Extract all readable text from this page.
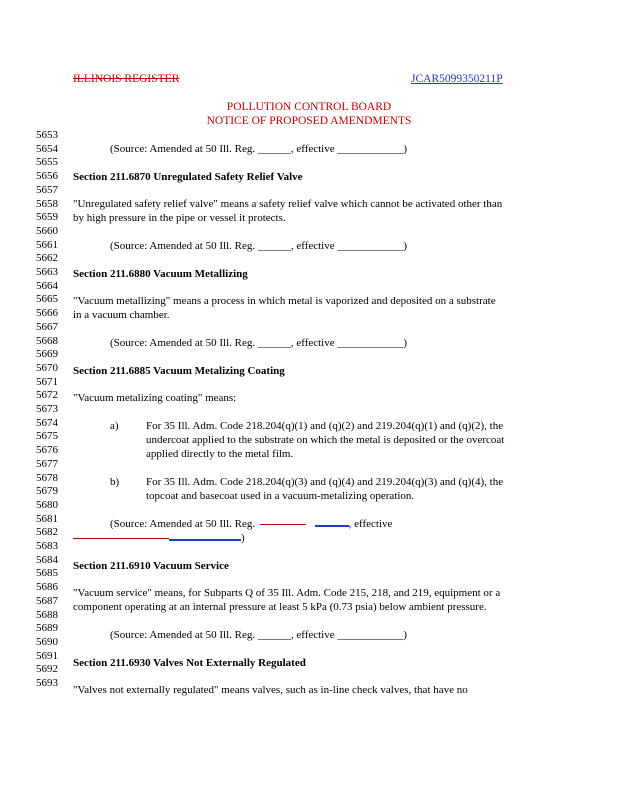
ILLINOIS REGISTER	JCAR5099350211P
POLLUTION CONTROL BOARD
NOTICE OF PROPOSED AMENDMENTS
5653
5654
5655
5656
5657
5658
5659
5660
5661
5662
5663
5664
5665
5666
5667
5668
5669
5670
5671
5672
5673
5674
5675
5676
5677
5678
5679
5680
5681
5682
5683
5684
5685
5686
5687
5688
5689
5690
5691
5692
5693
(Source: Amended at 50 Ill. Reg. ______, effective ____________)
Section 211.6870 Unregulated Safety Relief Valve
"Unregulated safety relief valve" means a safety relief valve which cannot be activated other than
by high pressure in the pipe or vessel it protects.
(Source: Amended at 50 Ill. Reg. ______, effective ____________)
Section 211.6880 Vacuum Metallizing
"Vacuum metallizing" means a process in which metal is vaporized and deposited on a substrate
in a vacuum chamber.
(Source: Amended at 50 Ill. Reg. ______, effective ____________)
Section 211.6885 Vacuum Metalizing Coating
"Vacuum metalizing coating" means:
a) For 35 Ill. Adm. Code 218.204(q)(1) and (q)(2) and 219.204(q)(1) and (q)(2), the
undercoat applied to the substrate on which the metal is deposited or the overcoat
applied directly to the metal film.
b) For 35 Ill. Adm. Code 218.204(q)(3) and (q)(4) and 219.204(q)(3) and (q)(4), the
topcoat and basecoat used in a vacuum-metalizing operation.
(Source: Amended at 50 Ill. Reg.	, effective
)
Section 211.6910 Vacuum Service
"Vacuum service" means, for Subparts Q of 35 Ill. Adm. Code 215, 218, and 219, equipment or a
component operating at an internal pressure at least 5 kPa (0.73 psia) below ambient pressure.
(Source: Amended at 50 Ill. Reg. ______, effective ____________)
Section 211.6930 Valves Not Externally Regulated
"Valves not externally regulated" means valves, such as in-line check valves, that have no
